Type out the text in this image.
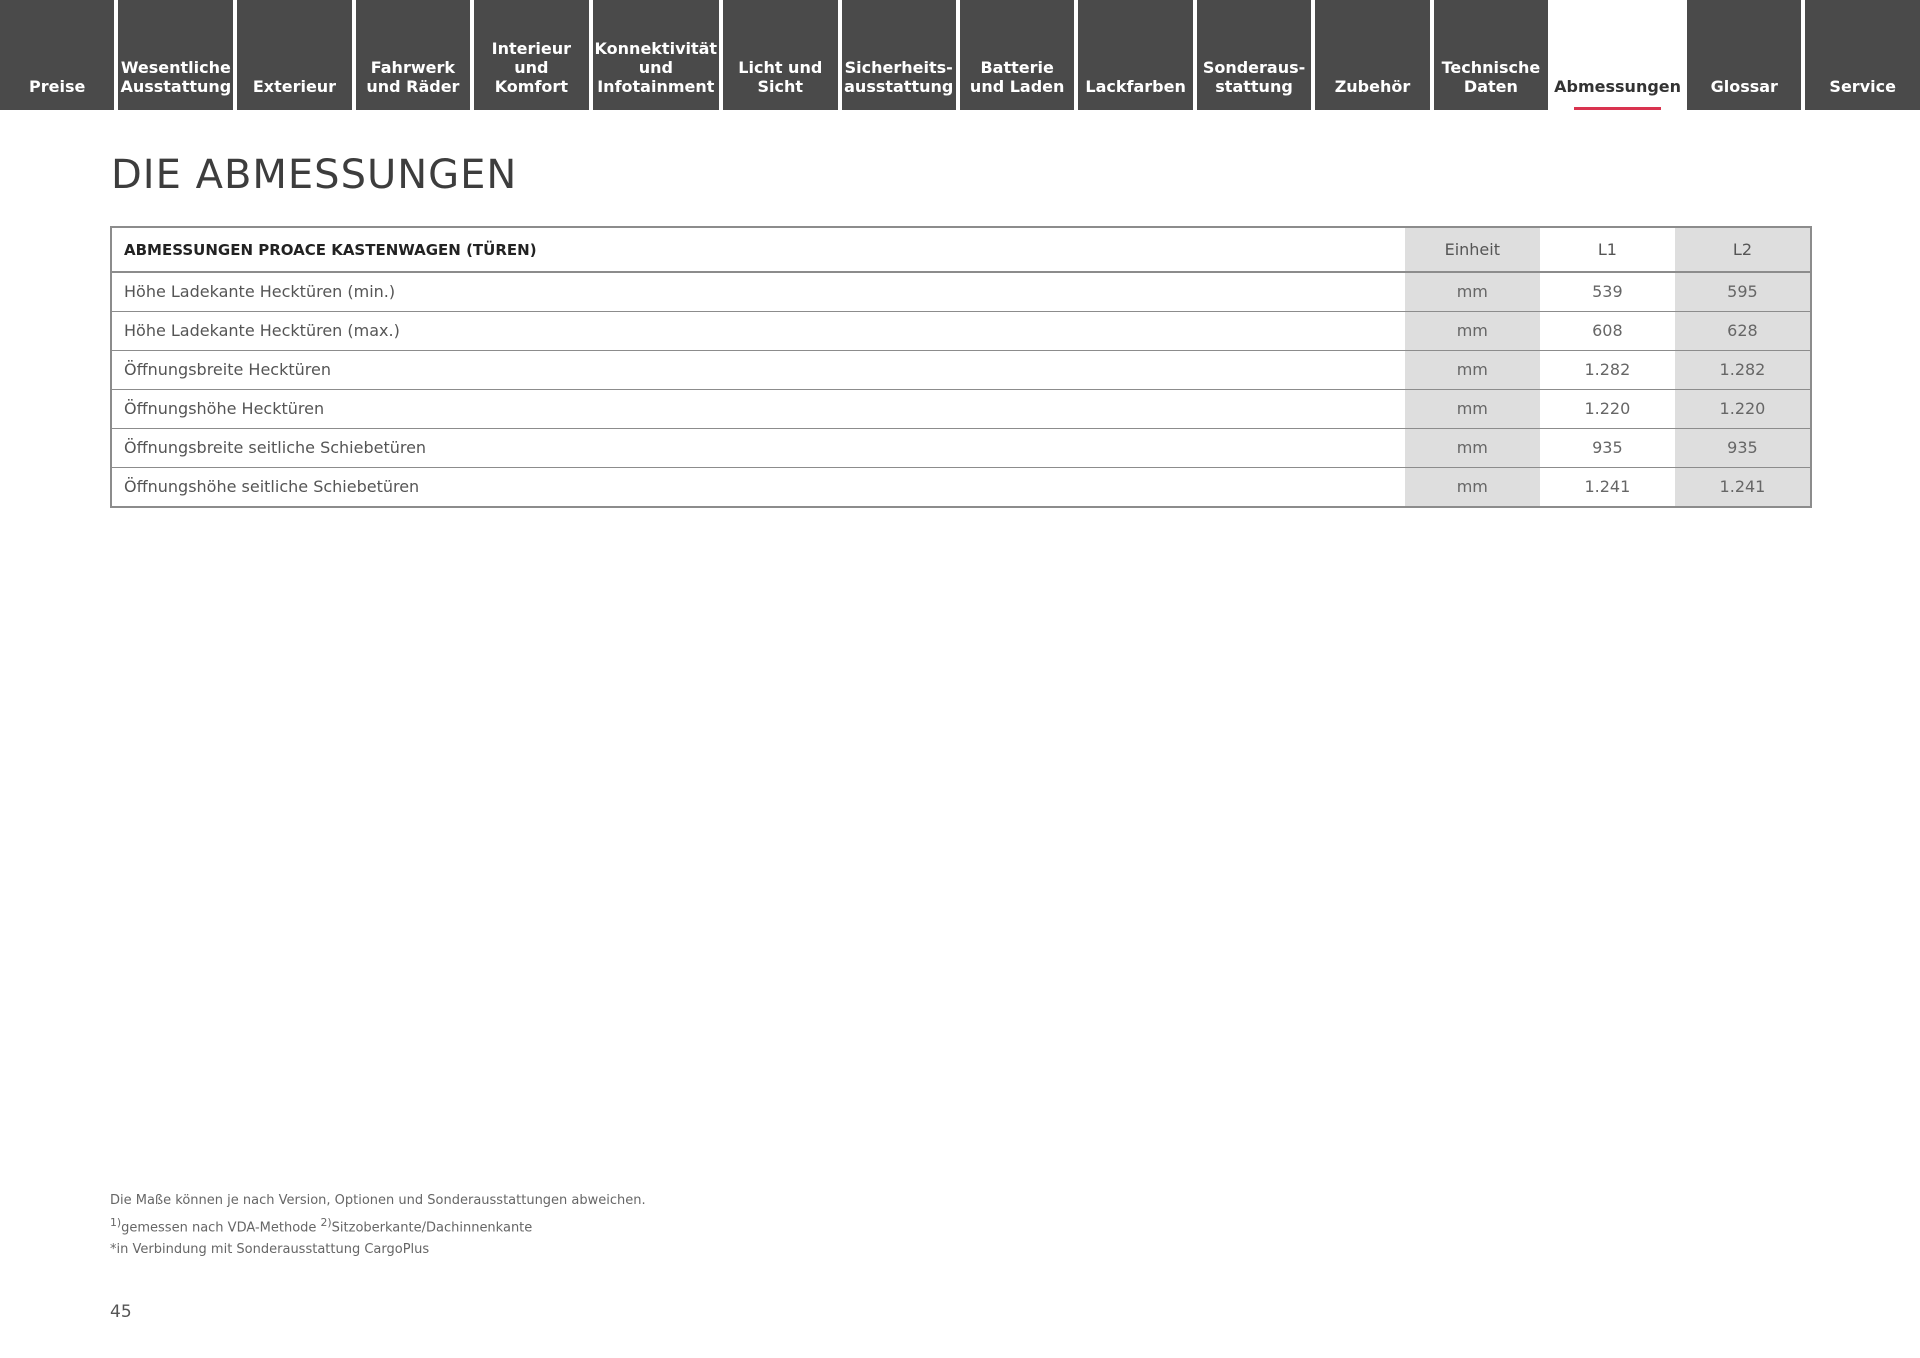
Preise
Wesentliche
Ausstattung	Exterieur
Fahrwerk
und Räder
Interieur und
Komfort
Konnektivität
und
Infotainment
Licht und Sicht
Sicherheits-
ausstattung
Batterie
und Laden	Lackfarben
Sonderaus-
stattung	Zubehör
Technische
Daten	Abmessungen	Glossar	Service
DIE ABMESSUNGEN
ABMESSUNGEN PROACE KASTENWAGEN (TÜREN)	Einheit	L1	L2
Höhe Ladekante Hecktüren (min.)	mm	539	595
Höhe Ladekante Hecktüren (max.)	mm	608	628
Öffnungsbreite Hecktüren	mm	1.282	1.282
Öffnungshöhe Hecktüren	mm	1.220	1.220
Öffnungsbreite seitliche Schiebetüren	mm	935	935
Öffnungshöhe seitliche Schiebetüren	mm	1.241	1.241
Die Maße können je nach Version, Optionen und Sonderausstattungen abweichen.
$^{1)}$gemessen nach VDA-Methode $^{2)}$Sitzoberkante/Dachinnenkante
*in Verbindung mit Sonderausstattung CargoPlus
45
